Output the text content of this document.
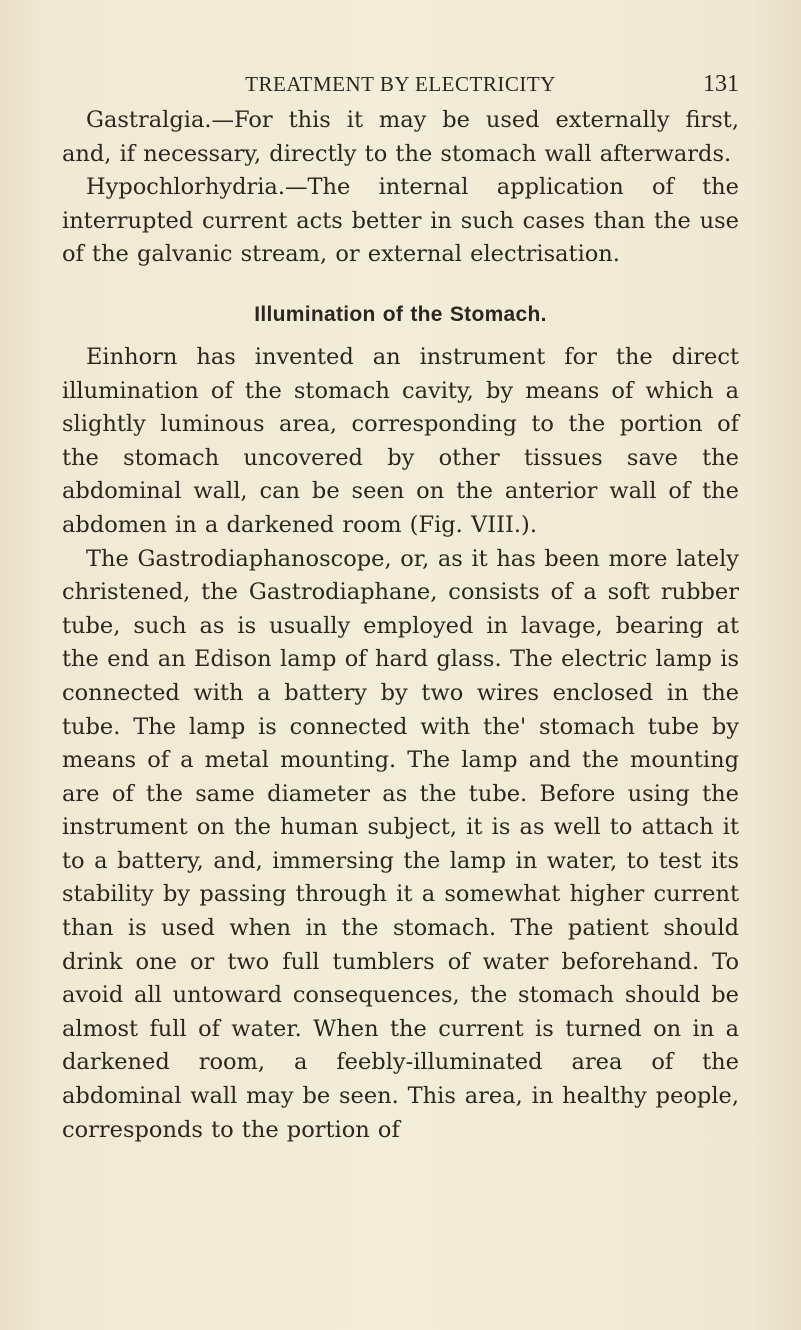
TREATMENT BY ELECTRICITY	131

Gastralgia.—For this it may be used externally first, and, if necessary, directly to the stomach wall afterwards.

Hypochlorhydria.—The internal application of the interrupted current acts better in such cases than the use of the galvanic stream, or external electrisation.

Illumination of the Stomach.

Einhorn has invented an instrument for the direct illumination of the stomach cavity, by means of which a slightly luminous area, corresponding to the portion of the stomach uncovered by other tissues save the abdominal wall, can be seen on the anterior wall of the abdomen in a darkened room (Fig. VIII.).

The Gastrodiaphanoscope, or, as it has been more lately christened, the Gastrodiaphane, consists of a soft rubber tube, such as is usually employed in lavage, bearing at the end an Edison lamp of hard glass. The electric lamp is connected with a battery by two wires enclosed in the tube. The lamp is connected with the' stomach tube by means of a metal mounting. The lamp and the mounting are of the same diameter as the tube. Before using the instrument on the human subject, it is as well to attach it to a battery, and, immersing the lamp in water, to test its stability by passing through it a somewhat higher current than is used when in the stomach. The patient should drink one or two full tumblers of water beforehand. To avoid all untoward consequences, the stomach should be almost full of water. When the current is turned on in a darkened room, a feebly-illuminated area of the abdominal wall may be seen. This area, in healthy people, corresponds to the portion of
